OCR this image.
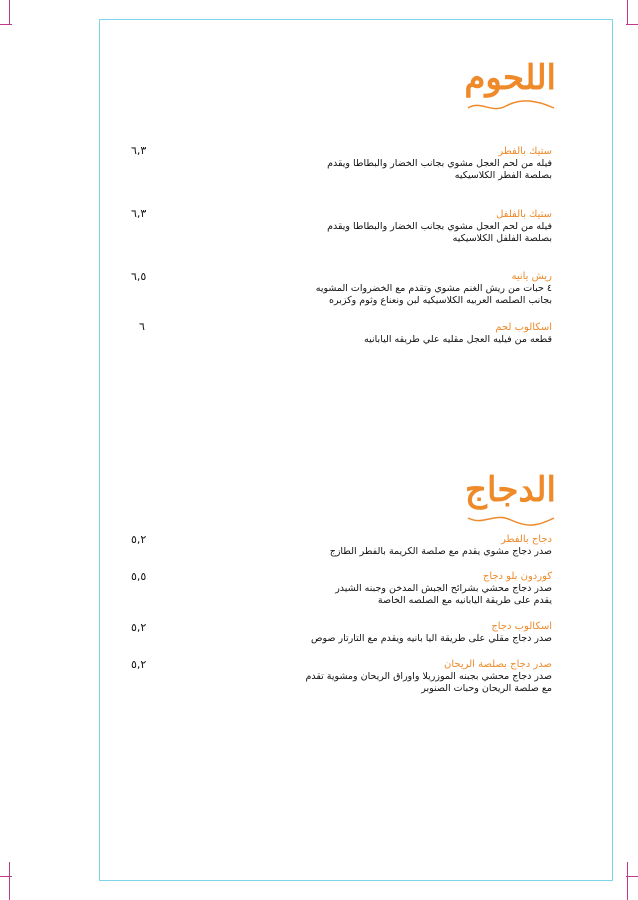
اللحوم
ستيك بالفطر
فيله من لحم العجل مشوي بجانب الخضار والبطاطا ويقدم
بصلصة الفطر الكلاسيكيه
٦,٣
ستيك بالفلفل
فيله من لحم العجل مشوي بجانب الخضار والبطاطا ويقدم
بصلصة الفلفل الكلاسيكيه
٦,٣
ريش يانيه
٤ حبات من ريش الغنم مشوي وتقدم مع الخضروات المشويه
بجانب الصلصه العربيه الكلاسيكيه لبن ونعناع وثوم وكزبره
٦,٥
اسكالوب لحم
قطعه من فيليه العجل مقليه علي طريقه اليابانيه
٦
الدجاج
دجاج بالفطر
صدر دجاج مشوي يقدم مع صلصة الكريمة بالفطر الطازج
٥,٢
كوردون بلو دجاج
صدر دجاج محشي بشرائح الجبش المدخن وجبنه الشيدر
يقدم على طريقة اليابانيه مع الصلصه الخاصة
٥,٥
اسكالوب دجاج
صدر دجاج مقلي على طريقة اليا بانيه ويقدم مع التارتار صوص
٥,٢
صدر دجاج بصلصة الريحان
صدر دجاج محشي بجبنه الموزريلا واوراق الريحان ومشوية تقدم
مع صلصة الريحان وحبات الصنوبر
٥,٢
